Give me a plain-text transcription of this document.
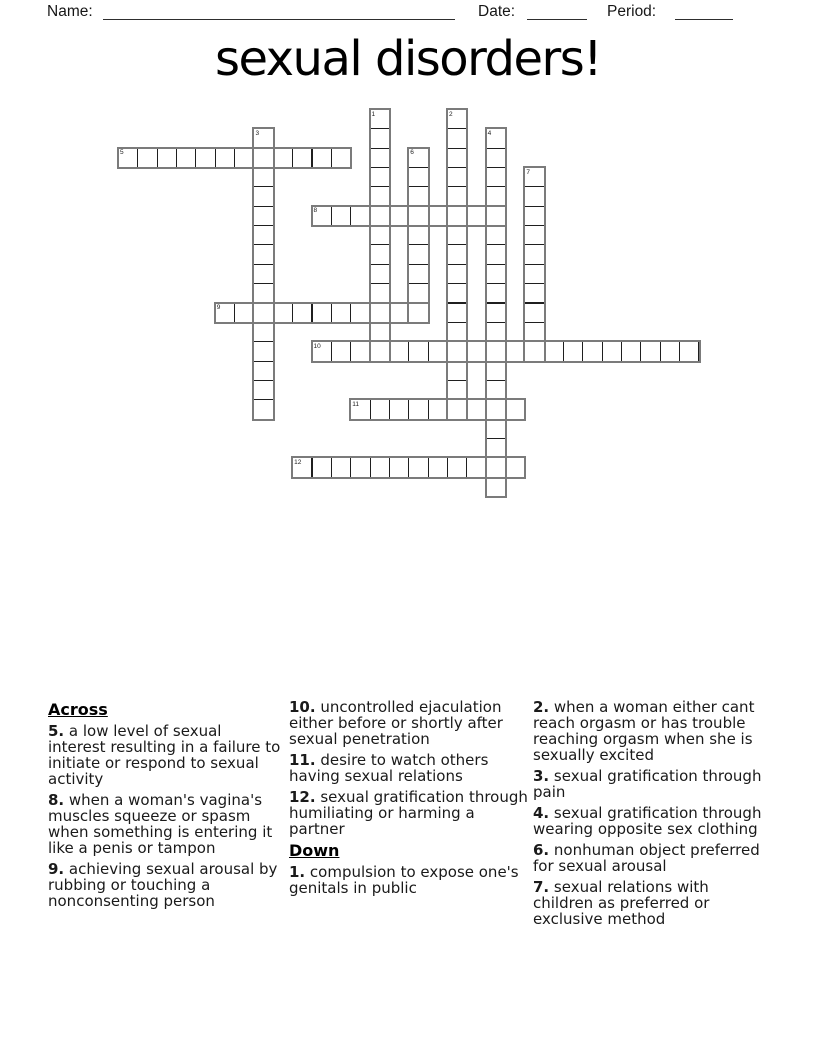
Name:	Date:	Period:
sexual disorders!
1	2
3	4
5	6
7
8
9
10
11
12
Across
5. a low level of sexual interest resulting in a failure to initiate or respond to sexual activity
8. when a woman's vagina's muscles squeeze or spasm when something is entering it like a penis or tampon
9. achieving sexual arousal by rubbing or touching a nonconsenting person
10. uncontrolled ejaculation either before or shortly after sexual penetration
11. desire to watch others having sexual relations
12. sexual gratification through humiliating or harming a partner
Down
1. compulsion to expose one's genitals in public
2. when a woman either cant reach orgasm or has trouble reaching orgasm when she is sexually excited
3. sexual gratification through pain
4. sexual gratification through wearing opposite sex clothing
6. nonhuman object preferred for sexual arousal
7. sexual relations with children as preferred or exclusive method
